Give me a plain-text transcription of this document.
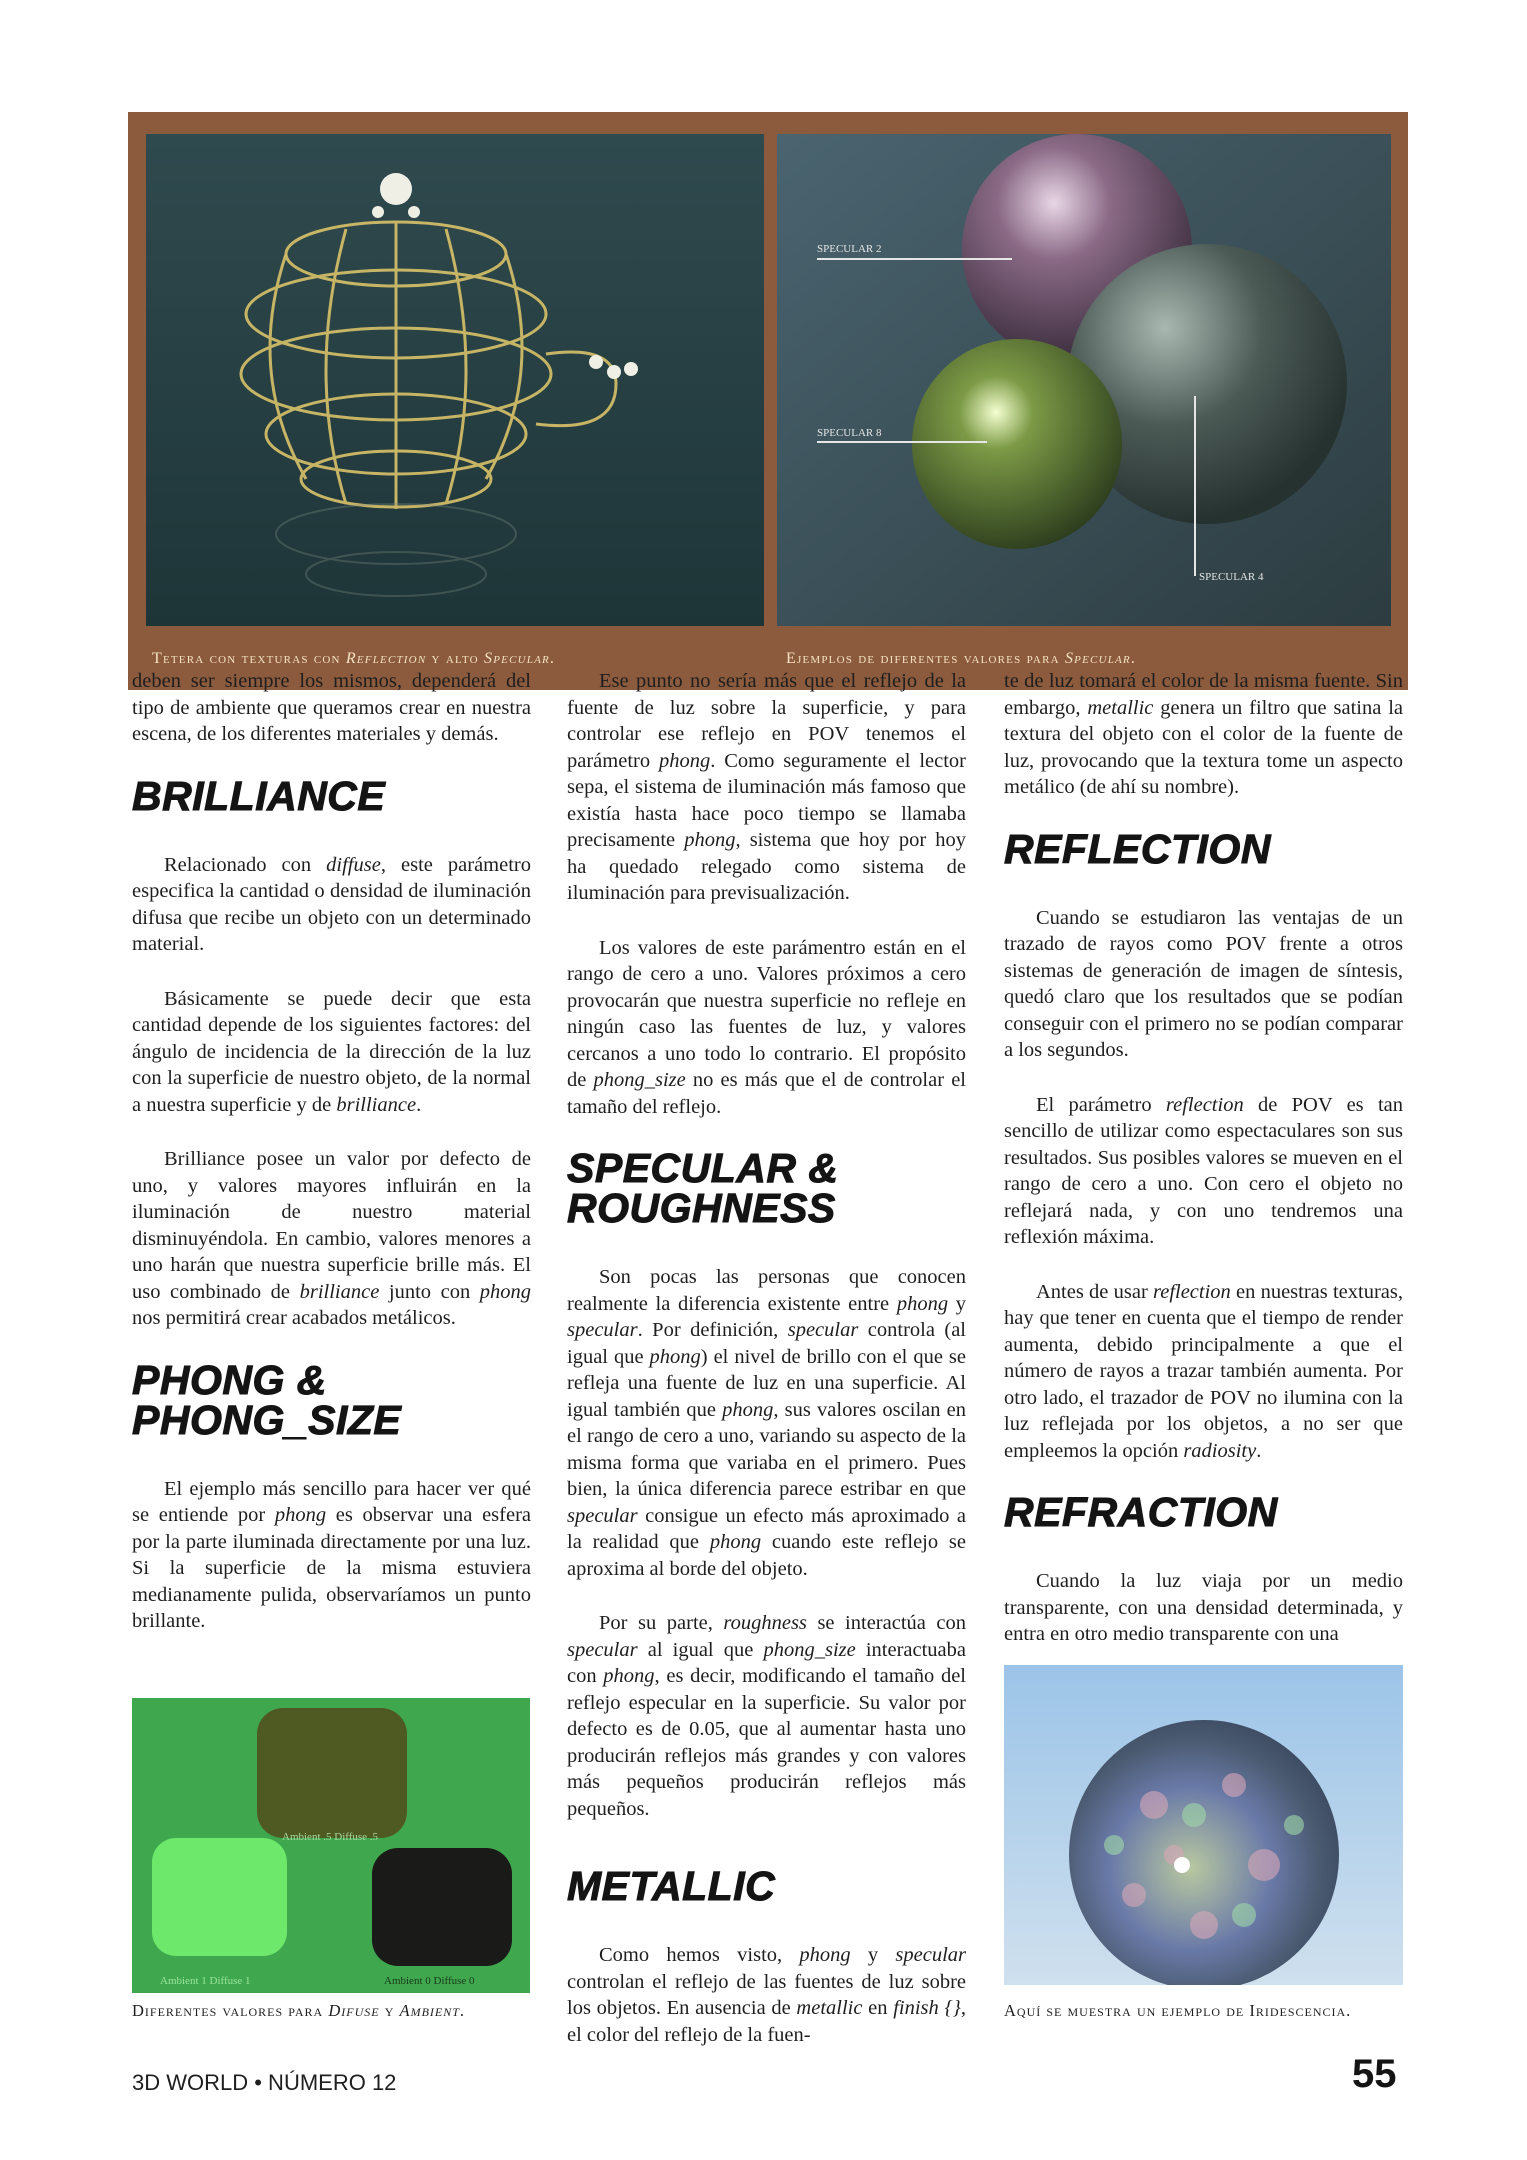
SPECULAR 2
SPECULAR 8
SPECULAR 4
Tetera con texturas con Reflection y alto Specular.	Ejemplos de diferentes valores para Specular.

deben ser siempre los mismos, dependerá del tipo de ambiente que queramos crear en nuestra escena, de los diferentes materiales y demás.

BRILLIANCE

Relacionado con diffuse, este parámetro especifica la cantidad o densidad de iluminación difusa que recibe un objeto con un determinado material.

Básicamente se puede decir que esta cantidad depende de los siguientes factores: del ángulo de incidencia de la dirección de la luz con la superficie de nuestro objeto, de la normal a nuestra superficie y de brilliance.

Brilliance posee un valor por defecto de uno, y valores mayores influirán en la iluminación de nuestro material disminuyéndola. En cambio, valores menores a uno harán que nuestra superficie brille más. El uso combinado de brilliance junto con phong nos permitirá crear acabados metálicos.

PHONG &
PHONG_SIZE

El ejemplo más sencillo para hacer ver qué se entiende por phong es observar una esfera por la parte iluminada directamente por una luz. Si la superficie de la misma estuviera medianamente pulida, observaríamos un punto brillante.

Ambient .5 Diffuse .5
Ambient 1 Diffuse 1	Ambient 0 Diffuse 0
Diferentes valores para Difuse y Ambient.

Ese punto no sería más que el reflejo de la fuente de luz sobre la superficie, y para controlar ese reflejo en POV tenemos el parámetro phong. Como seguramente el lector sepa, el sistema de iluminación más famoso que existía hasta hace poco tiempo se llamaba precisamente phong, sistema que hoy por hoy ha quedado relegado como sistema de iluminación para previsualización.

Los valores de este parámentro están en el rango de cero a uno. Valores próximos a cero provocarán que nuestra superficie no refleje en ningún caso las fuentes de luz, y valores cercanos a uno todo lo contrario. El propósito de phong_size no es más que el de controlar el tamaño del reflejo.

SPECULAR &
ROUGHNESS

Son pocas las personas que conocen realmente la diferencia existente entre phong y specular. Por definición, specular controla (al igual que phong) el nivel de brillo con el que se refleja una fuente de luz en una superficie. Al igual también que phong, sus valores oscilan en el rango de cero a uno, variando su aspecto de la misma forma que variaba en el primero. Pues bien, la única diferencia parece estribar en que specular consigue un efecto más aproximado a la realidad que phong cuando este reflejo se aproxima al borde del objeto.

Por su parte, roughness se interactúa con specular al igual que phong_size interactuaba con phong, es decir, modificando el tamaño del reflejo especular en la superficie. Su valor por defecto es de 0.05, que al aumentar hasta uno producirán reflejos más grandes y con valores más pequeños producirán reflejos más pequeños.

METALLIC

Como hemos visto, phong y specular controlan el reflejo de las fuentes de luz sobre los objetos. En ausencia de metallic en finish {}, el color del reflejo de la fuen-

te de luz tomará el color de la misma fuente. Sin embargo, metallic genera un filtro que satina la textura del objeto con el color de la fuente de luz, provocando que la textura tome un aspecto metálico (de ahí su nombre).

REFLECTION

Cuando se estudiaron las ventajas de un trazado de rayos como POV frente a otros sistemas de generación de imagen de síntesis, quedó claro que los resultados que se podían conseguir con el primero no se podían comparar a los segundos.

El parámetro reflection de POV es tan sencillo de utilizar como espectaculares son sus resultados. Sus posibles valores se mueven en el rango de cero a uno. Con cero el objeto no reflejará nada, y con uno tendremos una reflexión máxima.

Antes de usar reflection en nuestras texturas, hay que tener en cuenta que el tiempo de render aumenta, debido principalmente a que el número de rayos a trazar también aumenta. Por otro lado, el trazador de POV no ilumina con la luz reflejada por los objetos, a no ser que empleemos la opción radiosity.

REFRACTION

Cuando la luz viaja por un medio transparente, con una densidad determinada, y entra en otro medio transparente con una

Aquí se muestra un ejemplo de Iridescencia.
3D WORLD • NÚMERO 12	55
